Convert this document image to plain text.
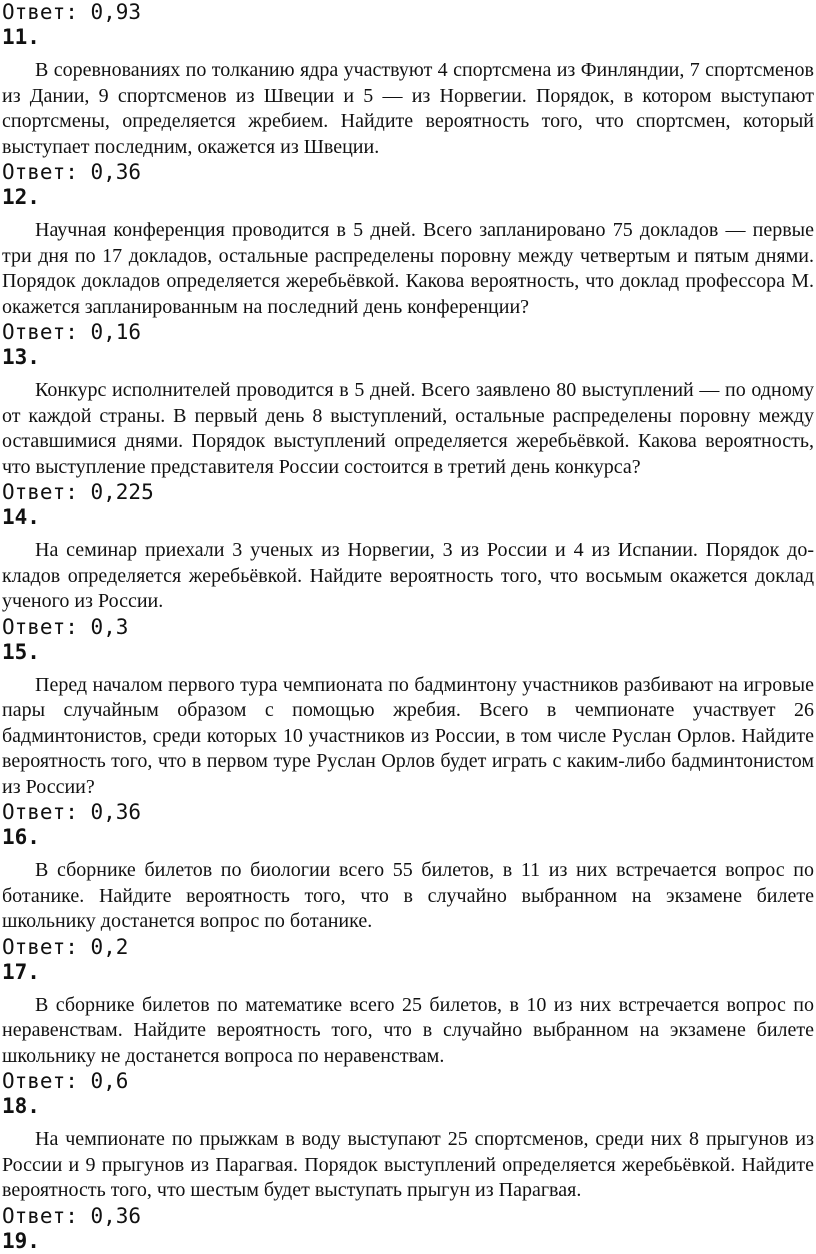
Ответ: 0,93

11.

В соревнованиях по толканию ядра участвуют 4 спортсмена из Финляндии, 7 спортсменов из Дании, 9 спортсменов из Швеции и 5 — из Норвегии. Порядок, в котором выступают спортсмены, определяется жребием. Найдите вероятность того, что спортсмен, который выступает последним, окажется из Швеции.

Ответ: 0,36

12.

Научная конференция проводится в 5 дней. Всего запланировано 75 докладов — первые три дня по 17 докладов, остальные распределены поровну между четвертым и пятым днями. Порядок докладов определяется жеребьёвкой. Какова вероятность, что доклад профессора М. окажется запланированным на последний день конференции?

Ответ: 0,16

13.

Конкурс исполнителей проводится в 5 дней. Всего заявлено 80 выступлений — по одному от каждой страны. В первый день 8 выступлений, остальные распределены поровну между оставшимися днями. Порядок выступлений определяется жеребьёвкой. Какова вероятность, что выступление представителя России состоится в третий день конкурса?

Ответ: 0,225

14.

На семинар приехали 3 ученых из Норвегии, 3 из России и 4 из Испании. Порядок докладов определяется жеребьёвкой. Найдите вероятность того, что восьмым окажется доклад ученого из России.

Ответ: 0,3

15.

Перед началом первого тура чемпионата по бадминтону участников разбивают на игровые пары случайным образом с помощью жребия. Всего в чемпионате участвует 26 бадминтонистов, среди которых 10 участников из России, в том числе Руслан Орлов. Найдите вероятность того, что в первом туре Руслан Орлов будет играть с каким-либо бадминтонистом из России?

Ответ: 0,36

16.

В сборнике билетов по биологии всего 55 билетов, в 11 из них встречается вопрос по ботанике. Найдите вероятность того, что в случайно выбранном на экзамене билете школьнику достанется вопрос по ботанике.

Ответ: 0,2

17.

В сборнике билетов по математике всего 25 билетов, в 10 из них встречается вопрос по неравенствам. Найдите вероятность того, что в случайно выбранном на экзамене билете школьнику не достанется вопроса по неравенствам.

Ответ: 0,6

18.

На чемпионате по прыжкам в воду выступают 25 спортсменов, среди них 8 прыгунов из России и 9 прыгунов из Парагвая. Порядок выступлений определяется жеребьёвкой. Найдите вероятность того, что шестым будет выступать прыгун из Парагвая.

Ответ: 0,36

19.
